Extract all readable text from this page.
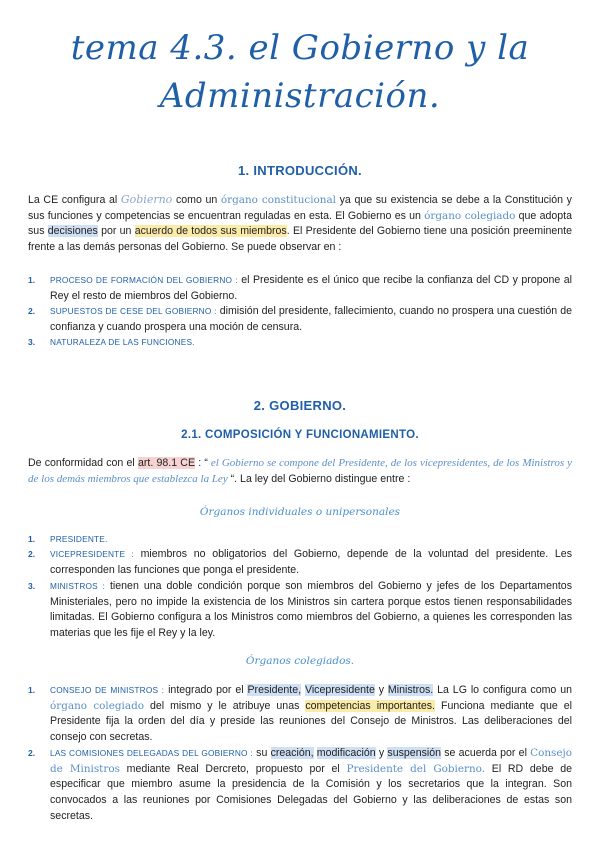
tema 4.3. el Gobierno y la
Administración.
1. INTRODUCCIÓN.
La CE configura al Gobierno como un órgano constitucional ya que su existencia se debe a la Constitución y sus funciones y competencias se encuentran reguladas en esta. El Gobierno es un órgano colegiado que adopta sus decisiones por un acuerdo de todos sus miembros. El Presidente del Gobierno tiene una posición preeminente frente a las demás personas del Gobierno. Se puede observar en :
1. PROCESO DE FORMACIÓN DEL GOBIERNO : el Presidente es el único que recibe la confianza del CD y propone al Rey el resto de miembros del Gobierno.
2. SUPUESTOS DE CESE DEL GOBIERNO : dimisión del presidente, fallecimiento, cuando no prospera una cuestión de confianza y cuando prospera una moción de censura.
3. NATURALEZA DE LAS FUNCIONES.
2. GOBIERNO.
2.1. COMPOSICIÓN Y FUNCIONAMIENTO.
De conformidad con el art. 98.1 CE : “ el Gobierno se compone del Presidente, de los vicepresidentes, de los Ministros y de los demás miembros que establezca la Ley “. La ley del Gobierno distingue entre :
Órganos individuales o unipersonales
1. PRESIDENTE.
2. VICEPRESIDENTE : miembros no obligatorios del Gobierno, depende de la voluntad del presidente. Les corresponden las funciones que ponga el presidente.
3. MINISTROS : tienen una doble condición porque son miembros del Gobierno y jefes de los Departamentos Ministeriales, pero no impide la existencia de los Ministros sin cartera porque estos tienen responsabilidades limitadas. El Gobierno configura a los Ministros como miembros del Gobierno, a quienes les corresponden las materias que les fije el Rey y la ley.
Órganos colegiados.
1. CONSEJO DE MINISTROS : integrado por el Presidente, Vicepresidente y Ministros. La LG lo configura como un órgano colegiado del mismo y le atribuye unas competencias importantes. Funciona mediante que el Presidente fija la orden del día y preside las reuniones del Consejo de Ministros. Las deliberaciones del consejo con secretas.
2. LAS COMISIONES DELEGADAS DEL GOBIERNO : su creación, modificación y suspensión se acuerda por el Consejo de Ministros mediante Real Dercreto, propuesto por el Presidente del Gobierno. El RD debe de especificar que miembro asume la presidencia de la Comisión y los secretarios que la integran. Son convocados a las reuniones por Comisiones Delegadas del Gobierno y las deliberaciones de estas son secretas.
